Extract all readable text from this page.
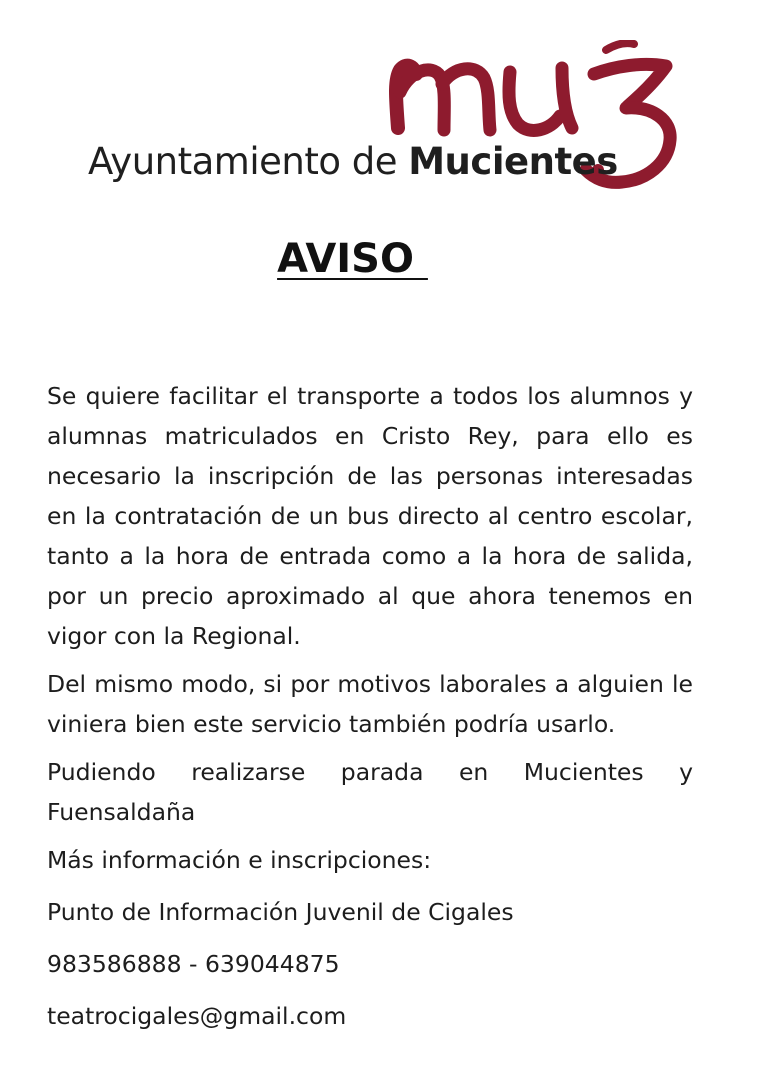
Ayuntamiento de Mucientes
AVISO

Se quiere facilitar el transporte a todos los alumnos y alumnas matriculados en Cristo Rey, para ello es necesario la inscripción de las personas interesadas en la contratación de un bus directo al centro escolar, tanto a la hora de entrada como a la hora de salida, por un precio aproximado al que ahora tenemos en vigor con la Regional.

Del mismo modo, si por motivos laborales a alguien le viniera bien este servicio también podría usarlo.

Pudiendo realizarse parada en Mucientes y Fuensaldaña

Más información e inscripciones:

Punto de Información Juvenil de Cigales

983586888 - 639044875

teatrocigales@gmail.com
